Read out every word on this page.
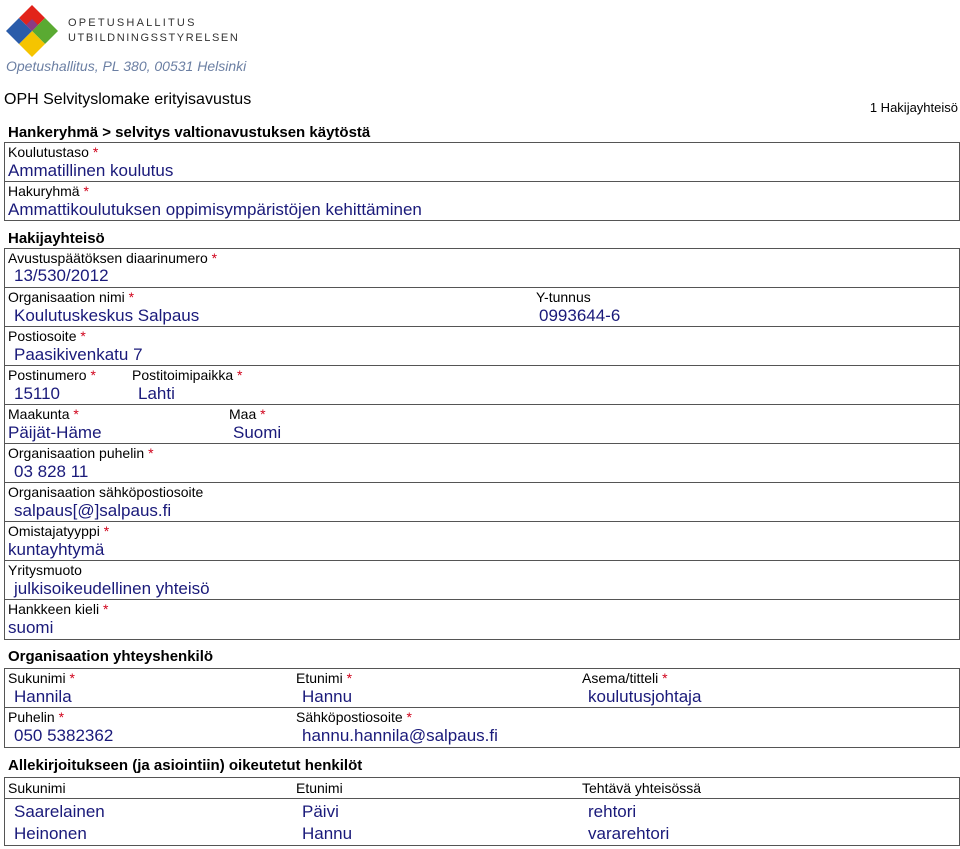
OPETUSHALLITUS
UTBILDNINGSSTYRELSEN
Opetushallitus, PL 380, 00531 Helsinki
OPH Selvityslomake erityisavustus	1 Hakijayhteisö
Hankeryhmä > selvitys valtionavustuksen käytöstä
Koulutustaso *
Ammatillinen koulutus
Hakuryhmä *
Ammattikoulutuksen oppimisympäristöjen kehittäminen
Hakijayhteisö
Avustuspäätöksen diaarinumero *
13/530/2012
Organisaation nimi *
Koulutuskeskus Salpaus
Y-tunnus
0993644-6
Postiosoite *
Paasikivenkatu 7
Postinumero *
15110
Postitoimipaikka *
Lahti
Maakunta *
Päijät-Häme
Maa *
Suomi
Organisaation puhelin *
03 828 11
Organisaation sähköpostiosoite
salpaus[@]salpaus.fi
Omistajatyyppi *
kuntayhtymä
Yritysmuoto
julkisoikeudellinen yhteisö
Hankkeen kieli *
suomi
Organisaation yhteyshenkilö
Sukunimi *
Hannila
Etunimi *
Hannu
Asema/titteli *
koulutusjohtaja
Puhelin *
050 5382362
Sähköpostiosoite *
hannu.hannila@salpaus.fi
Allekirjoitukseen (ja asiointiin) oikeutetut henkilöt
Sukunimi	Etunimi	Tehtävä yhteisössä
Saarelainen	Päivi	rehtori
Heinonen	Hannu	vararehtori
